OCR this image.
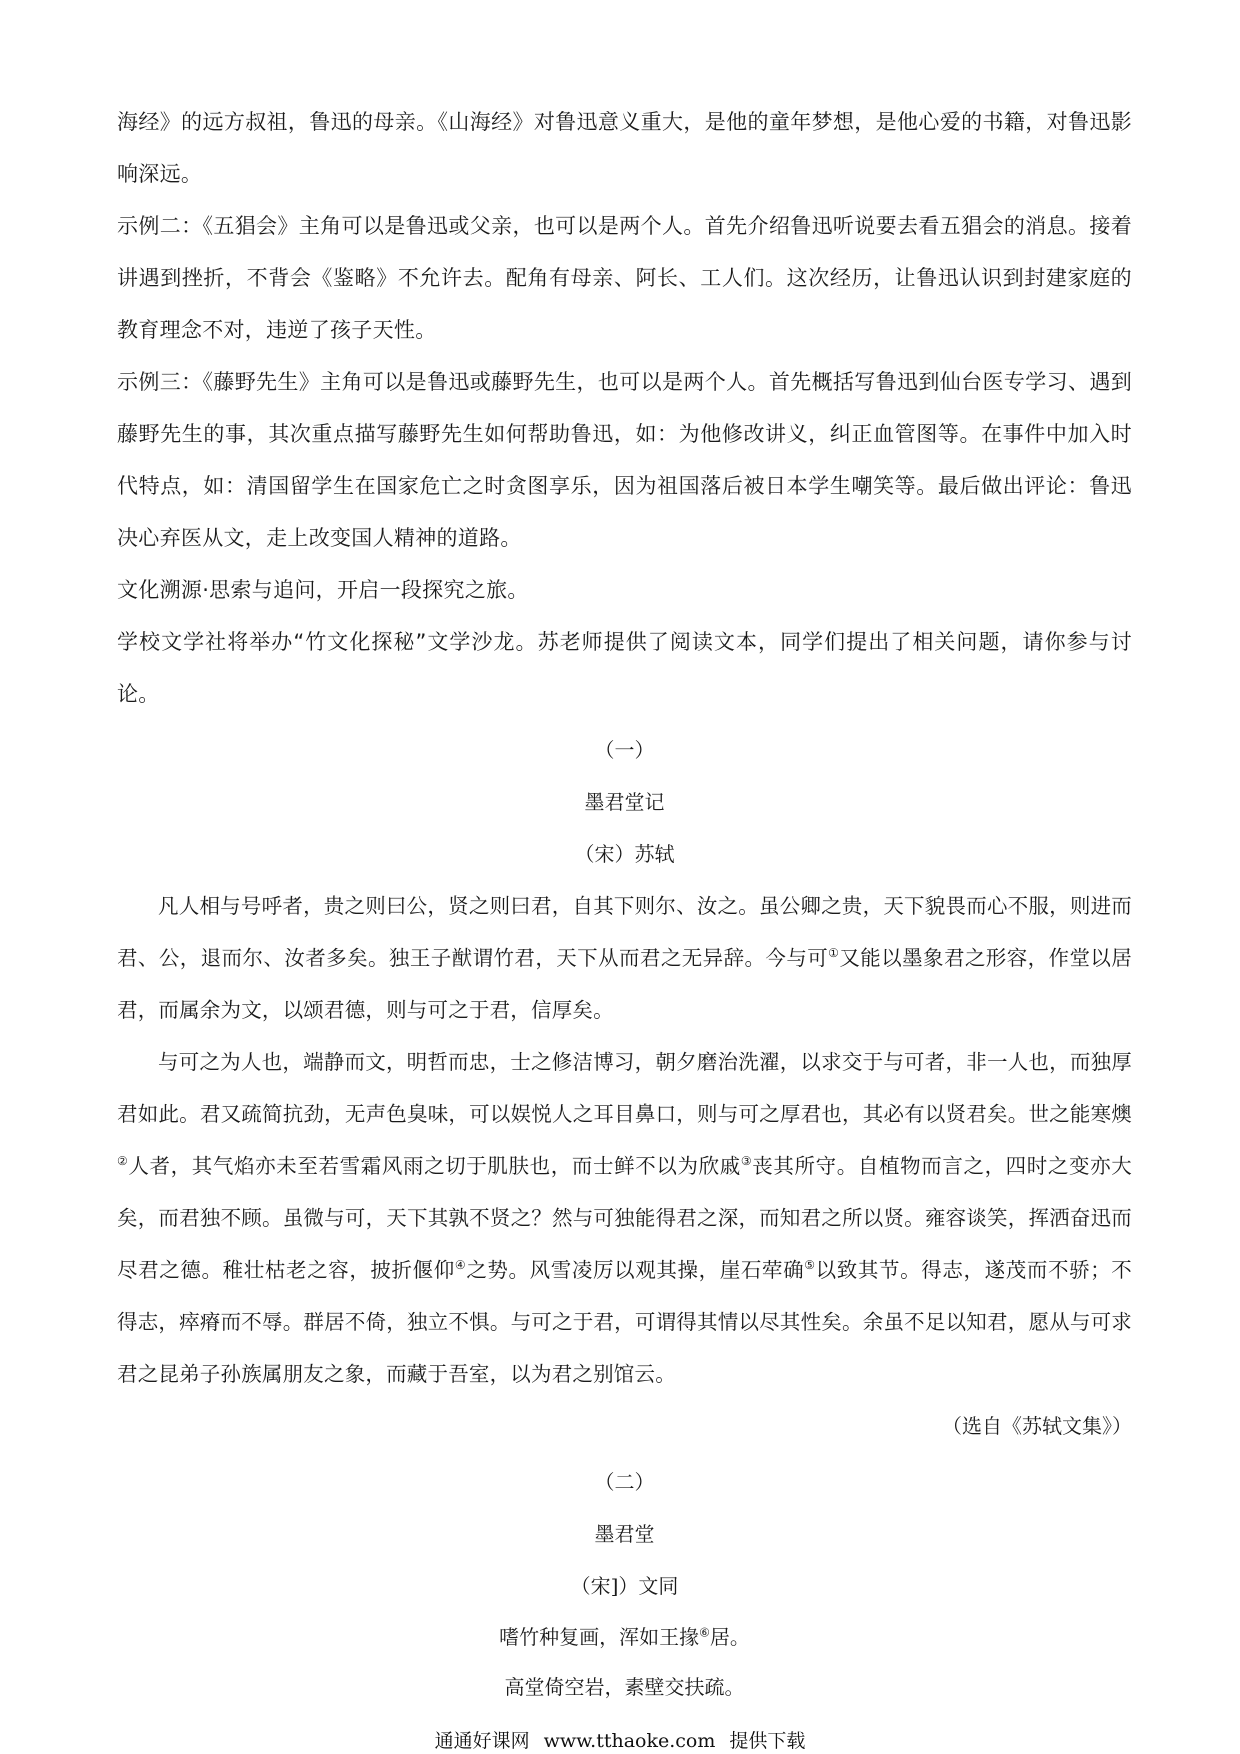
海经》的远方叔祖，鲁迅的母亲。《山海经》对鲁迅意义重大，是他的童年梦想，是他心爱的书籍，对鲁迅影响深远。

示例二：《五猖会》主角可以是鲁迅或父亲，也可以是两个人。首先介绍鲁迅听说要去看五猖会的消息。接着讲遇到挫折，不背会《鉴略》不允许去。配角有母亲、阿长、工人们。这次经历，让鲁迅认识到封建家庭的教育理念不对，违逆了孩子天性。

示例三：《藤野先生》主角可以是鲁迅或藤野先生，也可以是两个人。首先概括写鲁迅到仙台医专学习、遇到藤野先生的事，其次重点描写藤野先生如何帮助鲁迅，如：为他修改讲义，纠正血管图等。在事件中加入时代特点，如：清国留学生在国家危亡之时贪图享乐，因为祖国落后被日本学生嘲笑等。最后做出评论：鲁迅决心弃医从文，走上改变国人精神的道路。

文化溯源·思索与追问，开启一段探究之旅。

学校文学社将举办“竹文化探秘”文学沙龙。苏老师提供了阅读文本，同学们提出了相关问题，请你参与讨论。

（一）

墨君堂记

（宋）苏轼

凡人相与号呼者，贵之则曰公，贤之则曰君，自其下则尔、汝之。虽公卿之贵，天下貌畏而心不服，则进而君、公，退而尔、汝者多矣。独王子猷谓竹君，天下从而君之无异辞。今与可①又能以墨象君之形容，作堂以居君，而属余为文，以颂君德，则与可之于君，信厚矣。

与可之为人也，端静而文，明哲而忠，士之修洁博习，朝夕磨治洗濯，以求交于与可者，非一人也，而独厚君如此。君又疏简抗劲，无声色臭味，可以娱悦人之耳目鼻口，则与可之厚君也，其必有以贤君矣。世之能寒燠②人者，其气焰亦未至若雪霜风雨之切于肌肤也，而士鲜不以为欣戚③丧其所守。自植物而言之，四时之变亦大矣，而君独不顾。虽微与可，天下其孰不贤之？然与可独能得君之深，而知君之所以贤。雍容谈笑，挥洒奋迅而尽君之德。稚壮枯老之容，披折偃仰④之势。风雪凌厉以观其操，崖石荦确⑤以致其节。得志，遂茂而不骄；不得志，瘁瘠而不辱。群居不倚，独立不惧。与可之于君，可谓得其情以尽其性矣。余虽不足以知君，愿从与可求君之昆弟子孙族属朋友之象，而藏于吾室，以为君之别馆云。

（选自《苏轼文集》）

（二）

墨君堂

（宋]）文同

嗜竹种复画，浑如王掾⑥居。

高堂倚空岩，素壁交扶疏。

通通好课网 www.tthaoke.com 提供下载
